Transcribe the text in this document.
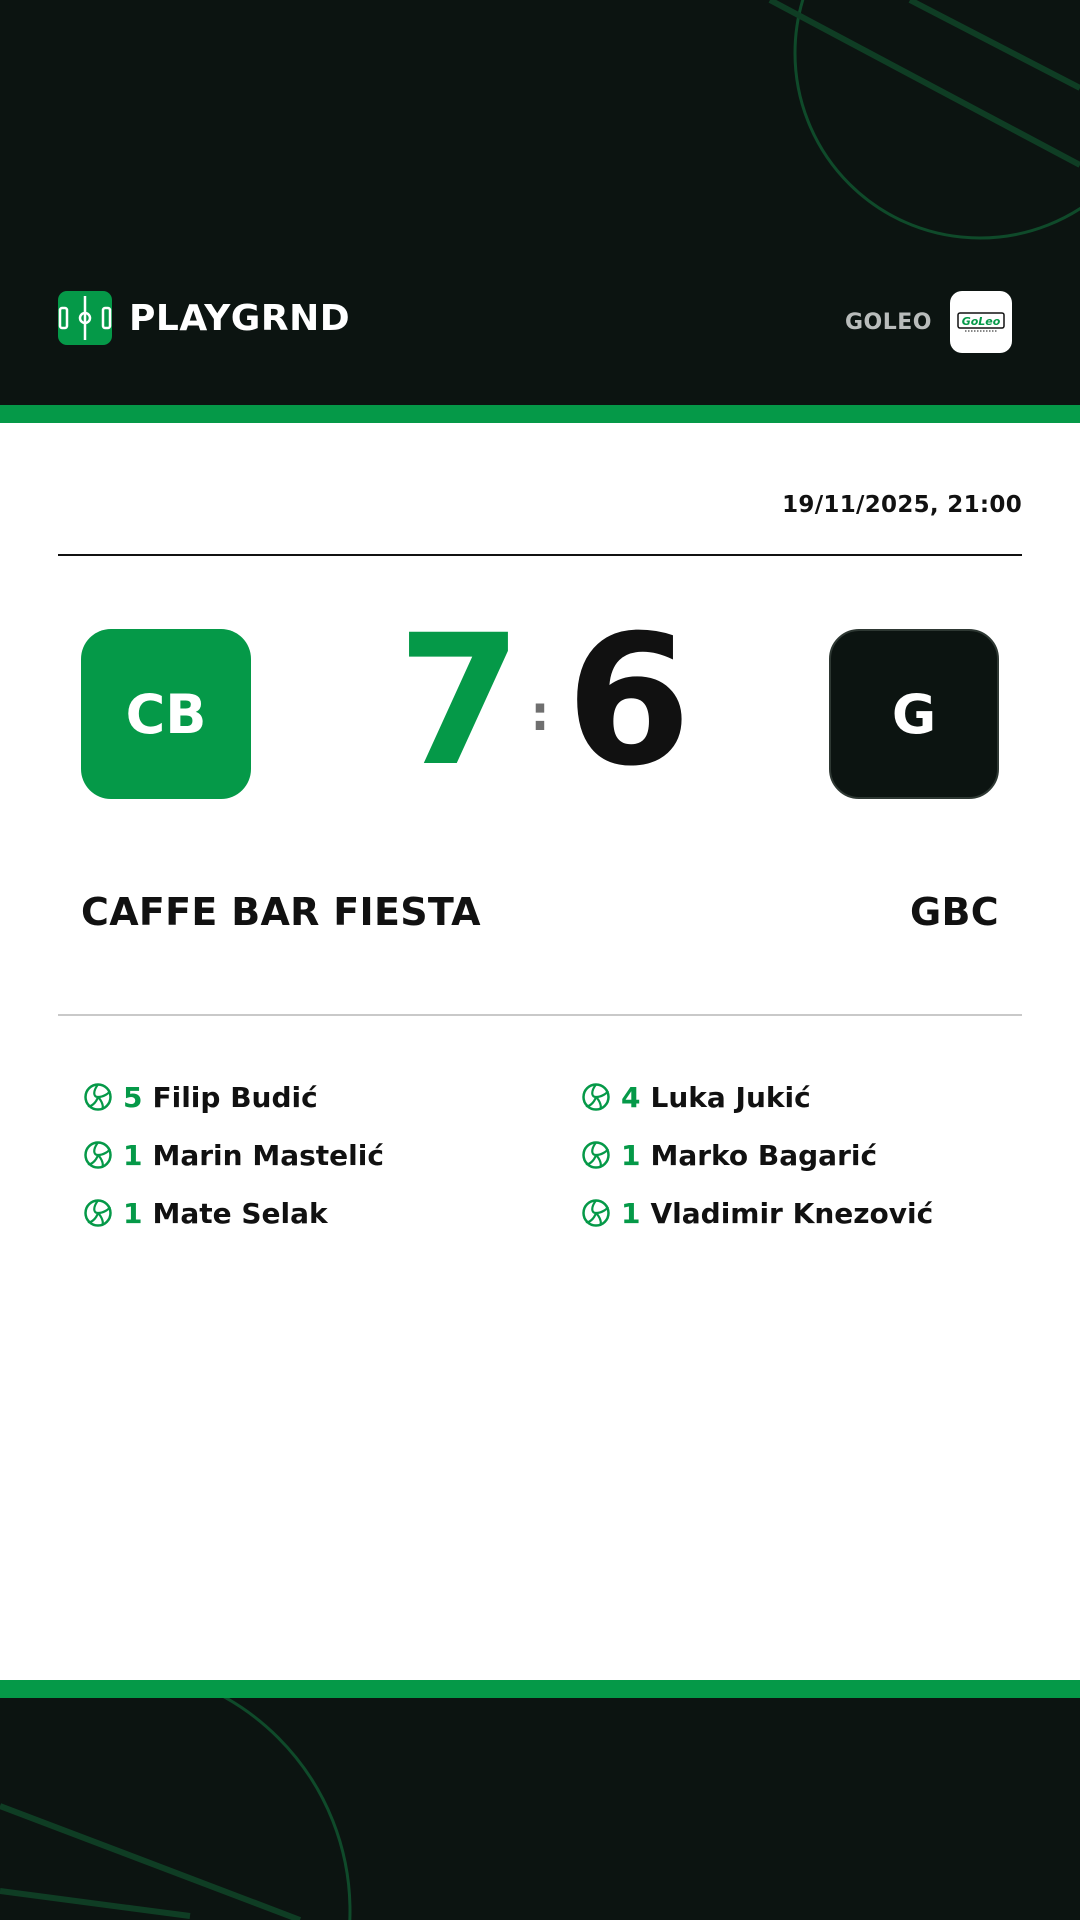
PLAYGRND	GOLEO	GoLeo
19/11/2025, 21:00
CB 7 : 6	G
CAFFE BAR FIESTA	GBC
5 Filip Budić
1 Marin Mastelić
1 Mate Selak
4 Luka Jukić
1 Marko Bagarić
1 Vladimir Knezović
